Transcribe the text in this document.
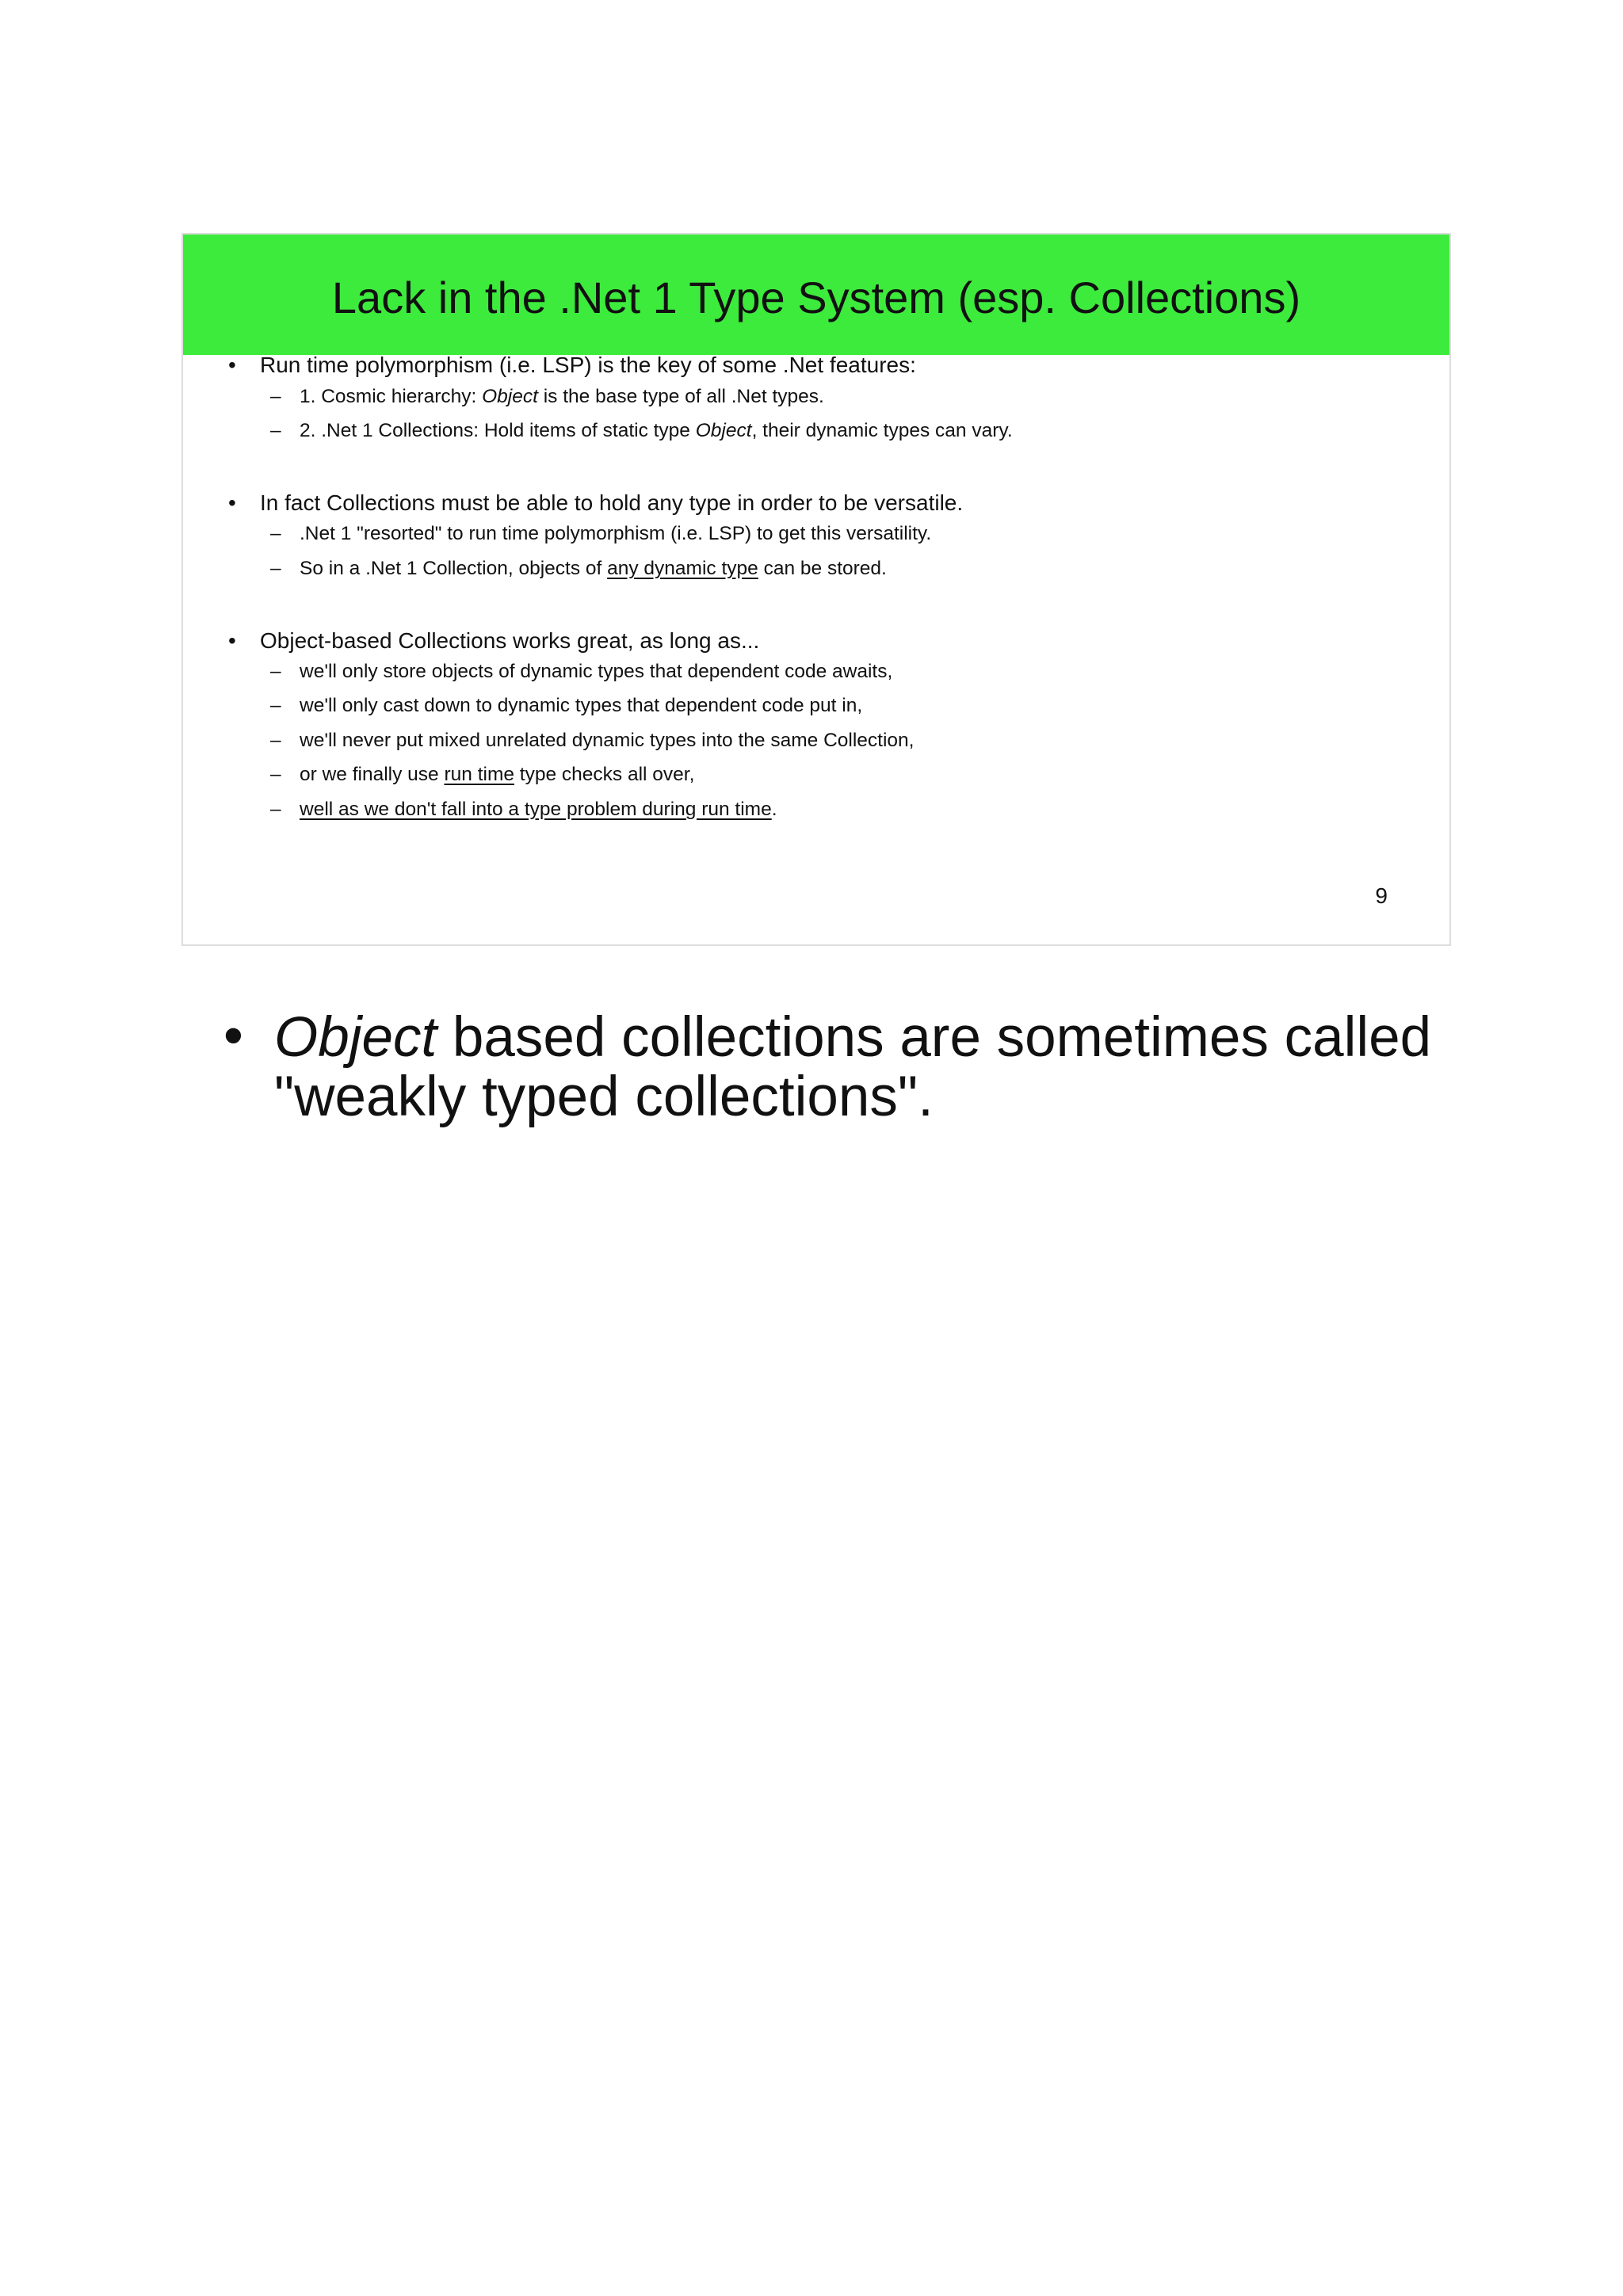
Lack in the .Net 1 Type System (esp. Collections)
• Run time polymorphism (i.e. LSP) is the key of some .Net features:
– 1. Cosmic hierarchy: Object is the base type of all .Net types.
– 2. .Net 1 Collections: Hold items of static type Object, their dynamic types can vary.
• In fact Collections must be able to hold any type in order to be versatile.
– .Net 1 "resorted" to run time polymorphism (i.e. LSP) to get this versatility.
– So in a .Net 1 Collection, objects of any dynamic type can be stored.
• Object-based Collections works great, as long as...
– we'll only store objects of dynamic types that dependent code awaits,
– we'll only cast down to dynamic types that dependent code put in,
– we'll never put mixed unrelated dynamic types into the same Collection,
– or we finally use run time type checks all over,
– well as we don't fall into a type problem during run time.
9
• Object based collections are sometimes called "weakly typed collections".
